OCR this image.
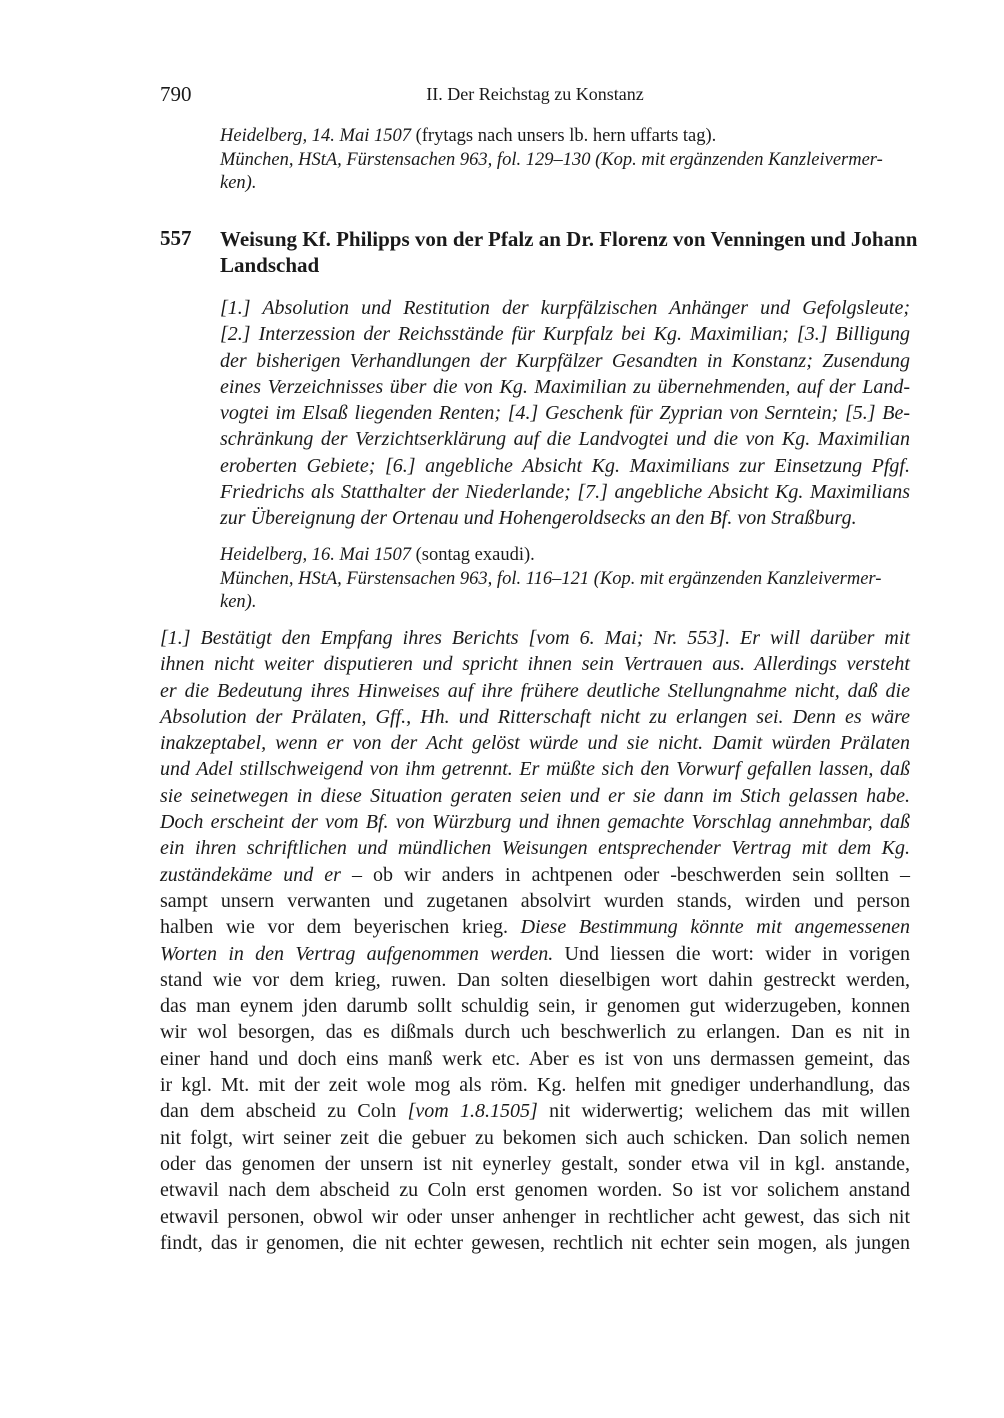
790	II. Der Reichstag zu Konstanz
Heidelberg, 14. Mai 1507 (frytags nach unsers lb. hern uffarts tag).
München, HStA, Fürstensachen 963, fol. 129–130 (Kop. mit ergänzenden Kanzleivermer-
ken).
557 Weisung Kf. Philipps von der Pfalz an Dr. Florenz von Venningen und Johann
Landschad
[1.] Absolution und Restitution der kurpfälzischen Anhänger und Gefolgsleute;
[2.] Interzession der Reichsstände für Kurpfalz bei Kg. Maximilian; [3.] Billigung
der bisherigen Verhandlungen der Kurpfälzer Gesandten in Konstanz; Zusendung
eines Verzeichnisses über die von Kg. Maximilian zu übernehmenden, auf der Land-
vogtei im Elsaß liegenden Renten; [4.] Geschenk für Zyprian von Serntein; [5.] Be-
schränkung der Verzichtserklärung auf die Landvogtei und die von Kg. Maximilian
eroberten Gebiete; [6.] angebliche Absicht Kg. Maximilians zur Einsetzung Pfgf.
Friedrichs als Statthalter der Niederlande; [7.] angebliche Absicht Kg. Maximilians
zur Übereignung der Ortenau und Hohengeroldsecks an den Bf. von Straßburg.
Heidelberg, 16. Mai 1507 (sontag exaudi).
München, HStA, Fürstensachen 963, fol. 116–121 (Kop. mit ergänzenden Kanzleivermer-
ken).
[1.] Bestätigt den Empfang ihres Berichts [vom 6. Mai; Nr. 553]. Er will darüber mit
ihnen nicht weiter disputieren und spricht ihnen sein Vertrauen aus. Allerdings versteht
er die Bedeutung ihres Hinweises auf ihre frühere deutliche Stellungnahme nicht, daß die
Absolution der Prälaten, Gff., Hh. und Ritterschaft nicht zu erlangen sei. Denn es wäre
inakzeptabel, wenn er von der Acht gelöst würde und sie nicht. Damit würden Prälaten
und Adel stillschweigend von ihm getrennt. Er müßte sich den Vorwurf gefallen lassen, daß
sie seinetwegen in diese Situation geraten seien und er sie dann im Stich gelassen habe.
Doch erscheint der vom Bf. von Würzburg und ihnen gemachte Vorschlag annehmbar, daß
ein ihren schriftlichen und mündlichen Weisungen entsprechender Vertrag mit dem Kg.
zuständekäme und er – ob wir anders in achtpenen oder -beschwerden sein sollten –
sampt unsern verwanten und zugetanen absolvirt wurden stands, wirden und person
halben wie vor dem beyerischen krieg. Diese Bestimmung könnte mit angemessenen
Worten in den Vertrag aufgenommen werden. Und liessen die wort: wider in vorigen
stand wie vor dem krieg, ruwen. Dan solten dieselbigen wort dahin gestreckt werden,
das man eynem jden darumb sollt schuldig sein, ir genomen gut widerzugeben, konnen
wir wol besorgen, das es dißmals durch uch beschwerlich zu erlangen. Dan es nit in
einer hand und doch eins manß werk etc. Aber es ist von uns dermassen gemeint, das
ir kgl. Mt. mit der zeit wole mog als röm. Kg. helfen mit gnediger underhandlung, das
dan dem abscheid zu Coln [vom 1.8.1505] nit widerwertig; welichem das mit willen
nit folgt, wirt seiner zeit die gebuer zu bekomen sich auch schicken. Dan solich nemen
oder das genomen der unsern ist nit eynerley gestalt, sonder etwa vil in kgl. anstande,
etwavil nach dem abscheid zu Coln erst genomen worden. So ist vor solichem anstand
etwavil personen, obwol wir oder unser anhenger in rechtlicher acht gewest, das sich nit
findt, das ir genomen, die nit echter gewesen, rechtlich nit echter sein mogen, als jungen
